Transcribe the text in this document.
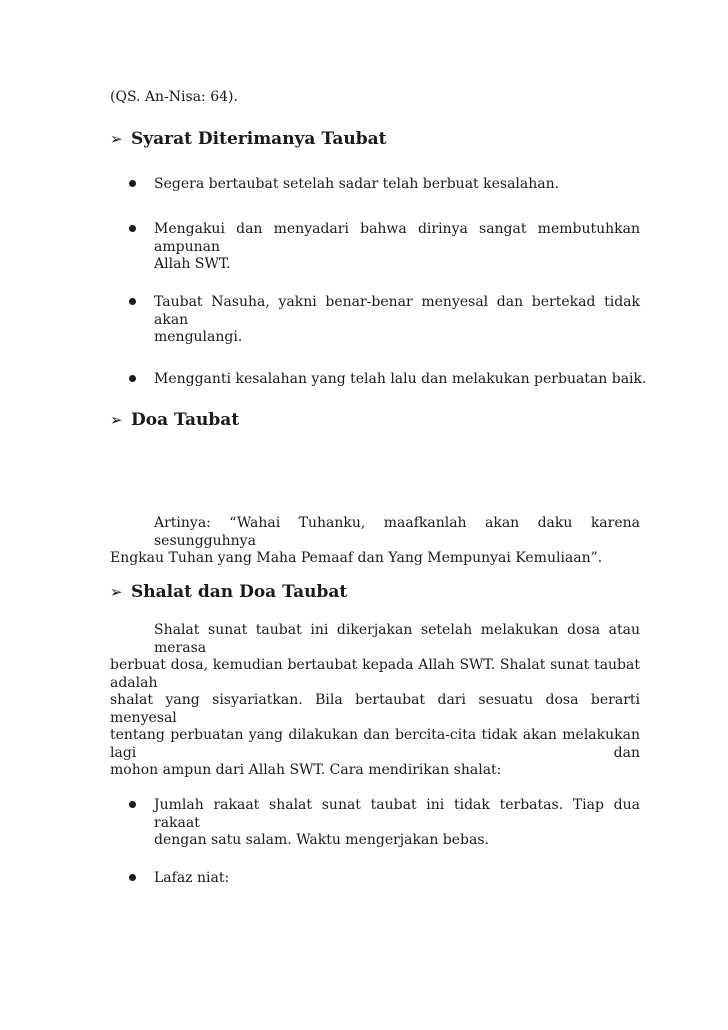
(QS. An-Nisa: 64).
➢ Syarat Diterimanya Taubat
Segera bertaubat setelah sadar telah berbuat kesalahan.
Mengakui dan menyadari bahwa dirinya sangat membutuhkan ampunan
Allah SWT.
Taubat Nasuha, yakni benar-benar menyesal dan bertekad tidak akan
mengulangi.
Mengganti kesalahan yang telah lalu dan melakukan perbuatan baik.
➢ Doa Taubat
Artinya: “Wahai Tuhanku, maafkanlah akan daku karena sesungguhnya
Engkau Tuhan yang Maha Pemaaf dan Yang Mempunyai Kemuliaan”.
➢ Shalat dan Doa Taubat
Shalat sunat taubat ini dikerjakan setelah melakukan dosa atau merasa
berbuat dosa, kemudian bertaubat kepada Allah SWT. Shalat sunat taubat adalah
shalat yang sisyariatkan. Bila bertaubat dari sesuatu dosa berarti menyesal
tentang perbuatan yang dilakukan dan bercita-cita tidak akan melakukan lagi dan
mohon ampun dari Allah SWT. Cara mendirikan shalat:
Jumlah rakaat shalat sunat taubat ini tidak terbatas. Tiap dua rakaat
dengan satu salam. Waktu mengerjakan bebas.
Lafaz niat:
